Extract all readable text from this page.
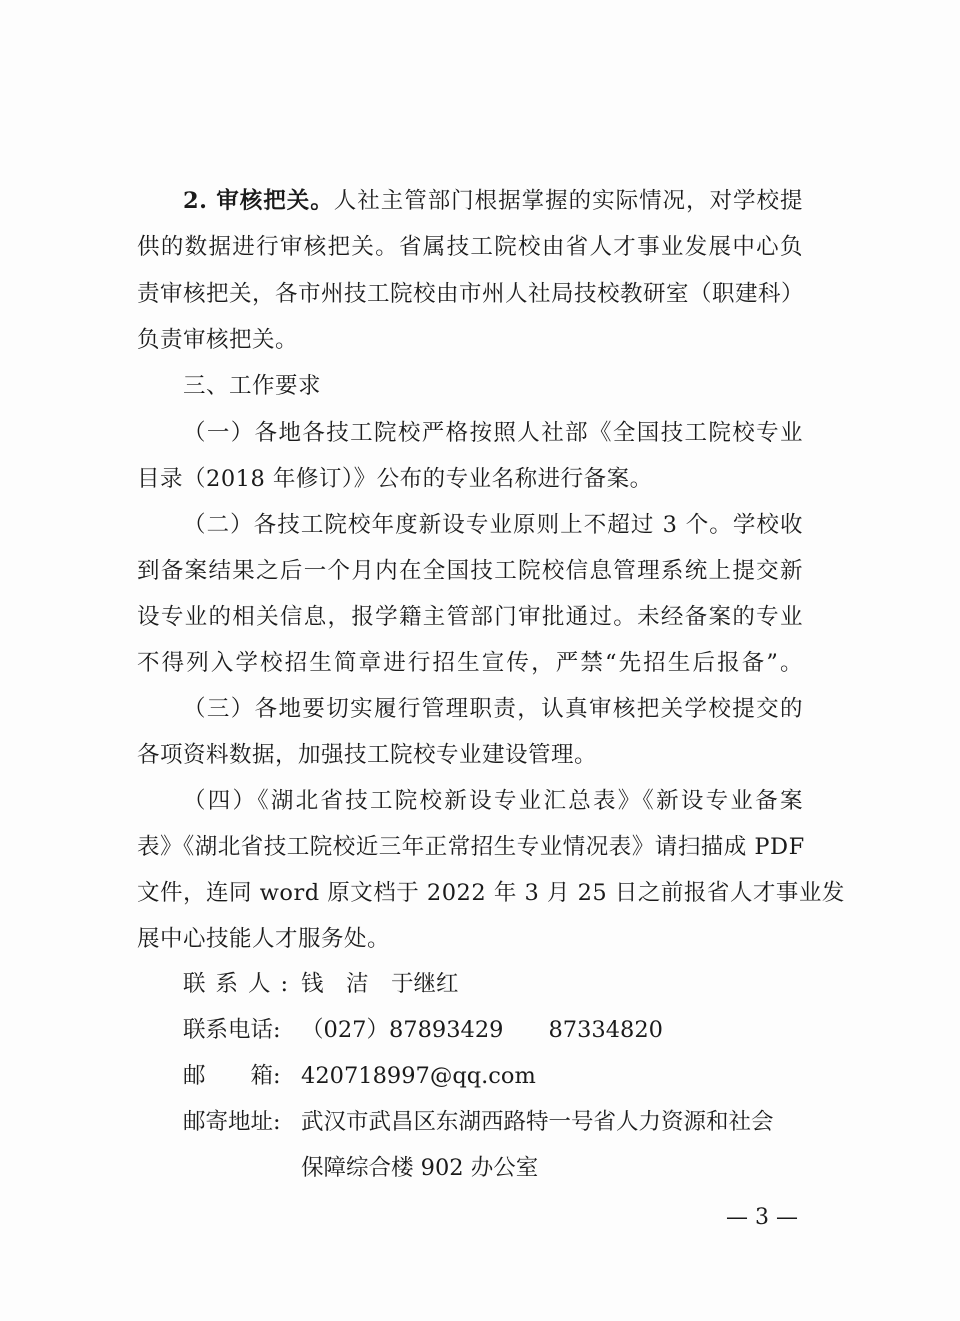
2. 审核把关。人社主管部门根据掌握的实际情况，对学校提
供的数据进行审核把关。省属技工院校由省人才事业发展中心负
责审核把关，各市州技工院校由市州人社局技校教研室（职建科）
负责审核把关。
三、工作要求
（一）各地各技工院校严格按照人社部《全国技工院校专业
目录（2018 年修订）》公布的专业名称进行备案。
（二）各技工院校年度新设专业原则上不超过 3 个。学校收
到备案结果之后一个月内在全国技工院校信息管理系统上提交新
设专业的相关信息，报学籍主管部门审批通过。未经备案的专业
不得列入学校招生简章进行招生宣传，严禁“先招生后报备”。
（三）各地要切实履行管理职责，认真审核把关学校提交的
各项资料数据，加强技工院校专业建设管理。
（四）《湖北省技工院校新设专业汇总表》《新设专业备案
表》《湖北省技工院校近三年正常招生专业情况表》请扫描成 PDF
文件，连同 word 原文档于 2022 年 3 月 25 日之前报省人才事业发
展中心技能人才服务处。
联系人: 钱　洁　于继红
联系电话: （027）87893429　　87334820
邮　　箱: 420718997@qq.com
邮寄地址: 武汉市武昌区东湖西路特一号省人力资源和社会
保障综合楼 902 办公室
— 3 —
